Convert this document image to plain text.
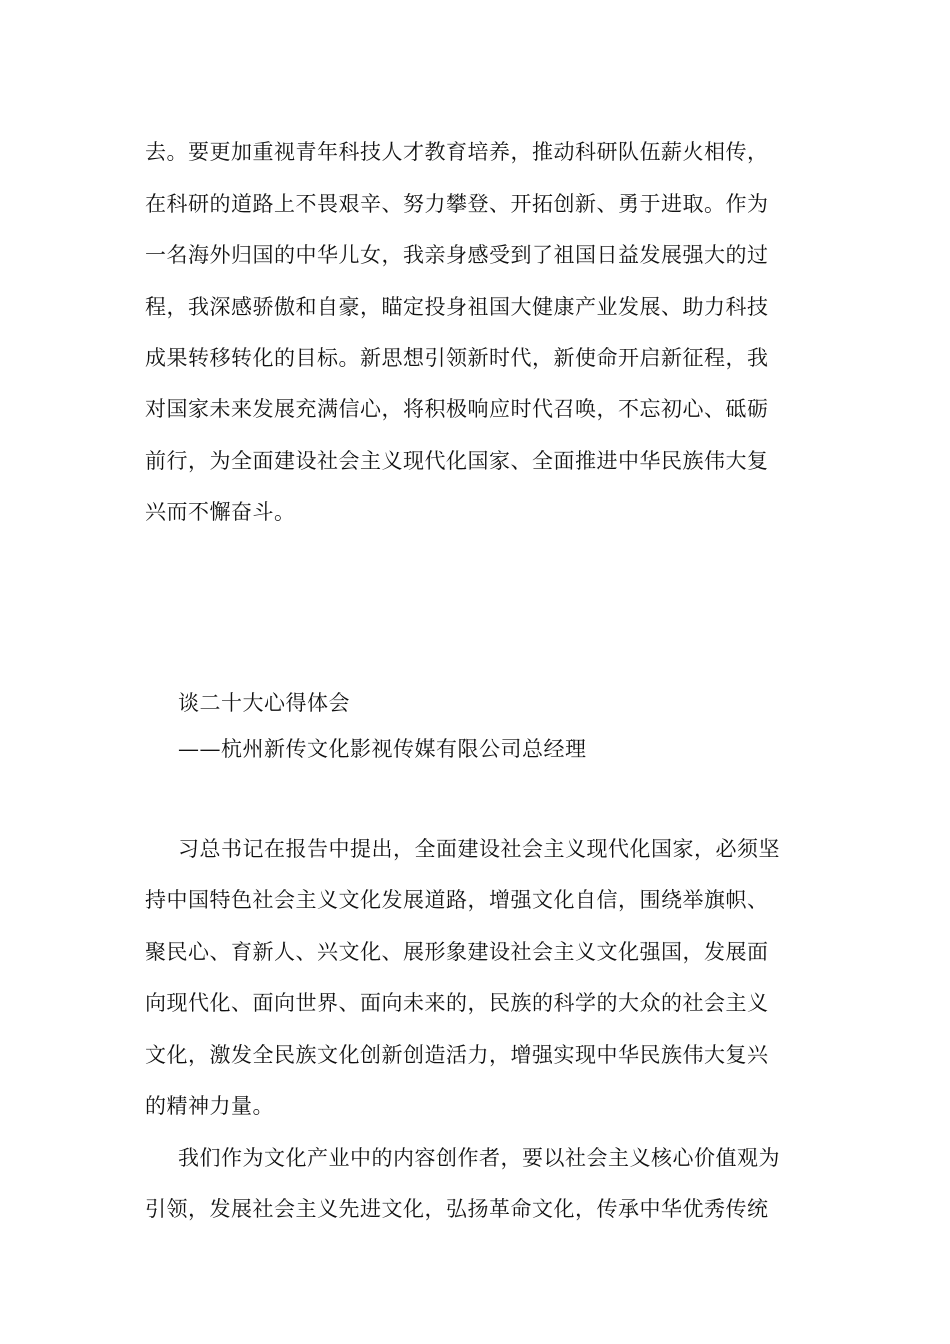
去。要更加重视青年科技人才教育培养，推动科研队伍薪火相传，
在科研的道路上不畏艰辛、努力攀登、开拓创新、勇于进取。作为
一名海外归国的中华儿女，我亲身感受到了祖国日益发展强大的过
程，我深感骄傲和自豪，瞄定投身祖国大健康产业发展、助力科技
成果转移转化的目标。新思想引领新时代，新使命开启新征程，我
对国家未来发展充满信心，将积极响应时代召唤，不忘初心、砥砺
前行，为全面建设社会主义现代化国家、全面推进中华民族伟大复
兴而不懈奋斗。
谈二十大心得体会
——杭州新传文化影视传媒有限公司总经理
习总书记在报告中提出，全面建设社会主义现代化国家，必须坚
持中国特色社会主义文化发展道路，增强文化自信，围绕举旗帜、
聚民心、育新人、兴文化、展形象建设社会主义文化强国，发展面
向现代化、面向世界、面向未来的，民族的科学的大众的社会主义
文化，激发全民族文化创新创造活力，增强实现中华民族伟大复兴
的精神力量。
我们作为文化产业中的内容创作者，要以社会主义核心价值观为
引领，发展社会主义先进文化，弘扬革命文化，传承中华优秀传统
